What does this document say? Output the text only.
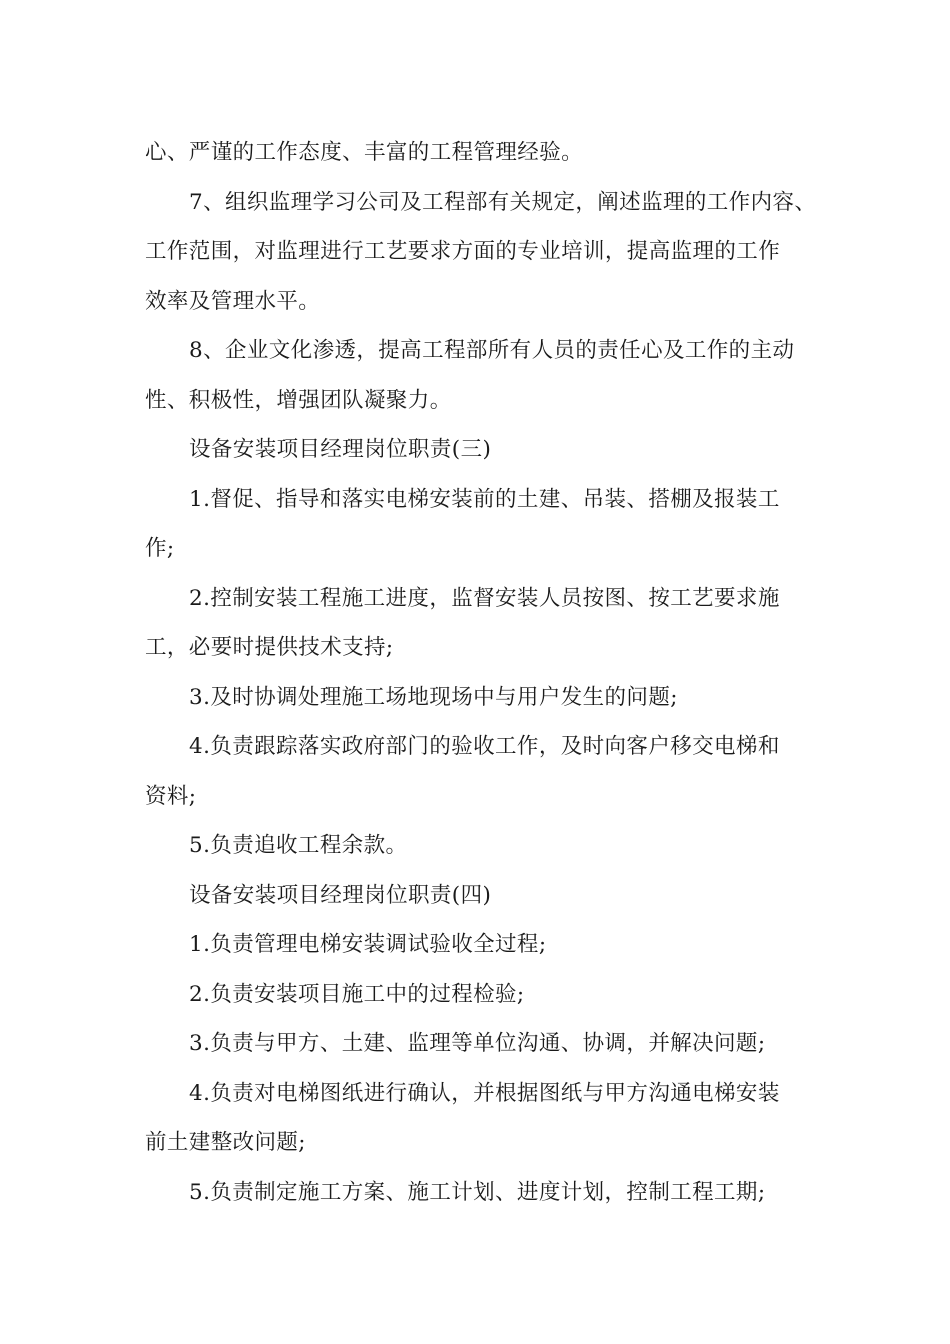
心、严谨的工作态度、丰富的工程管理经验。

7、组织监理学习公司及工程部有关规定，阐述监理的工作内容、
工作范围，对监理进行工艺要求方面的专业培训，提高监理的工作
效率及管理水平。

8、企业文化渗透，提高工程部所有人员的责任心及工作的主动
性、积极性，增强团队凝聚力。

设备安装项目经理岗位职责(三)

1.督促、指导和落实电梯安装前的土建、吊装、搭棚及报装工
作;

2.控制安装工程施工进度，监督安装人员按图、按工艺要求施
工，必要时提供技术支持;

3.及时协调处理施工场地现场中与用户发生的问题;

4.负责跟踪落实政府部门的验收工作，及时向客户移交电梯和
资料;

5.负责追收工程余款。

设备安装项目经理岗位职责(四)

1.负责管理电梯安装调试验收全过程;

2.负责安装项目施工中的过程检验;

3.负责与甲方、土建、监理等单位沟通、协调，并解决问题;

4.负责对电梯图纸进行确认，并根据图纸与甲方沟通电梯安装
前土建整改问题;

5.负责制定施工方案、施工计划、进度计划，控制工程工期;
